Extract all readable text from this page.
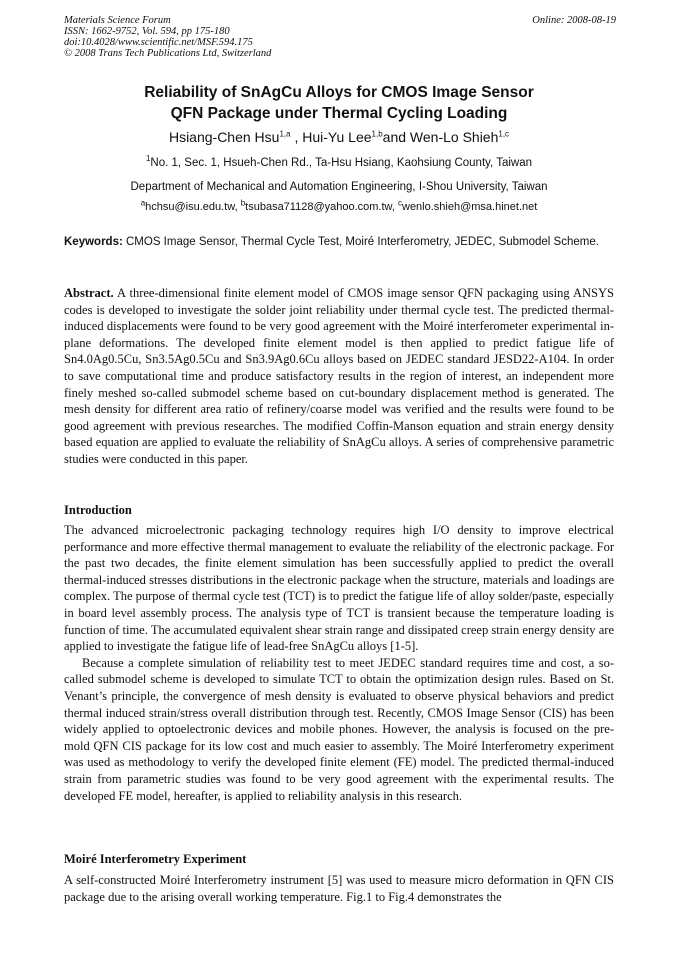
Materials Science Forum
ISSN: 1662-9752, Vol. 594, pp 175-180
doi:10.4028/www.scientific.net/MSF.594.175
© 2008 Trans Tech Publications Ltd, Switzerland
Online: 2008-08-19
Reliability of SnAgCu Alloys for CMOS Image Sensor
QFN Package under Thermal Cycling Loading
Hsiang-Chen Hsu$^{1,a}$ , Hui-Yu Lee$^{1,b}$and Wen-Lo Shieh$^{1,c}$
$^1$No. 1, Sec. 1, Hsueh-Chen Rd., Ta-Hsu Hsiang, Kaohsiung County, Taiwan
Department of Mechanical and Automation Engineering, I-Shou University, Taiwan
$^a$hchsu@isu.edu.tw, $^b$tsubasa71128@yahoo.com.tw, $^c$wenlo.shieh@msa.hinet.net
Keywords: CMOS Image Sensor, Thermal Cycle Test, Moiré Interferometry, JEDEC, Submodel Scheme.
Abstract. A three-dimensional finite element model of CMOS image sensor QFN packaging using ANSYS codes is developed to investigate the solder joint reliability under thermal cycle test. The predicted thermal-induced displacements were found to be very good agreement with the Moiré interferometer experimental in-plane deformations. The developed finite element model is then applied to predict fatigue life of Sn4.0Ag0.5Cu, Sn3.5Ag0.5Cu and Sn3.9Ag0.6Cu alloys based on JEDEC standard JESD22-A104. In order to save computational time and produce satisfactory results in the region of interest, an independent more finely meshed so-called submodel scheme based on cut-boundary displacement method is generated. The mesh density for different area ratio of refinery/coarse model was verified and the results were found to be good agreement with previous researches. The modified Coffin-Manson equation and strain energy density based equation are applied to evaluate the reliability of SnAgCu alloys. A series of comprehensive parametric studies were conducted in this paper.
Introduction

The advanced microelectronic packaging technology requires high I/O density to improve electrical performance and more effective thermal management to evaluate the reliability of the electronic package. For the past two decades, the finite element simulation has been successfully applied to predict the overall thermal-induced stresses distributions in the electronic package when the structure, materials and loadings are complex. The purpose of thermal cycle test (TCT) is to predict the fatigue life of alloy solder/paste, especially in board level assembly process. The analysis type of TCT is transient because the temperature loading is function of time. The accumulated equivalent shear strain range and dissipated creep strain energy density are applied to investigate the fatigue life of lead-free SnAgCu alloys [1-5].

Because a complete simulation of reliability test to meet JEDEC standard requires time and cost, a so-called submodel scheme is developed to simulate TCT to obtain the optimization design rules. Based on St. Venant’s principle, the convergence of mesh density is evaluated to observe physical behaviors and predict thermal induced strain/stress overall distribution through test. Recently, CMOS Image Sensor (CIS) has been widely applied to optoelectronic devices and mobile phones. However, the analysis is focused on the pre-mold QFN CIS package for its low cost and much easier to assembly. The Moiré Interferometry experiment was used as methodology to verify the developed finite element (FE) model. The predicted thermal-induced strain from parametric studies was found to be very good agreement with the experimental results. The developed FE model, hereafter, is applied to reliability analysis in this research.

Moiré Interferometry Experiment
A self-constructed Moiré Interferometry instrument [5] was used to measure micro deformation in QFN CIS package due to the arising overall working temperature. Fig.1 to Fig.4 demonstrates the
